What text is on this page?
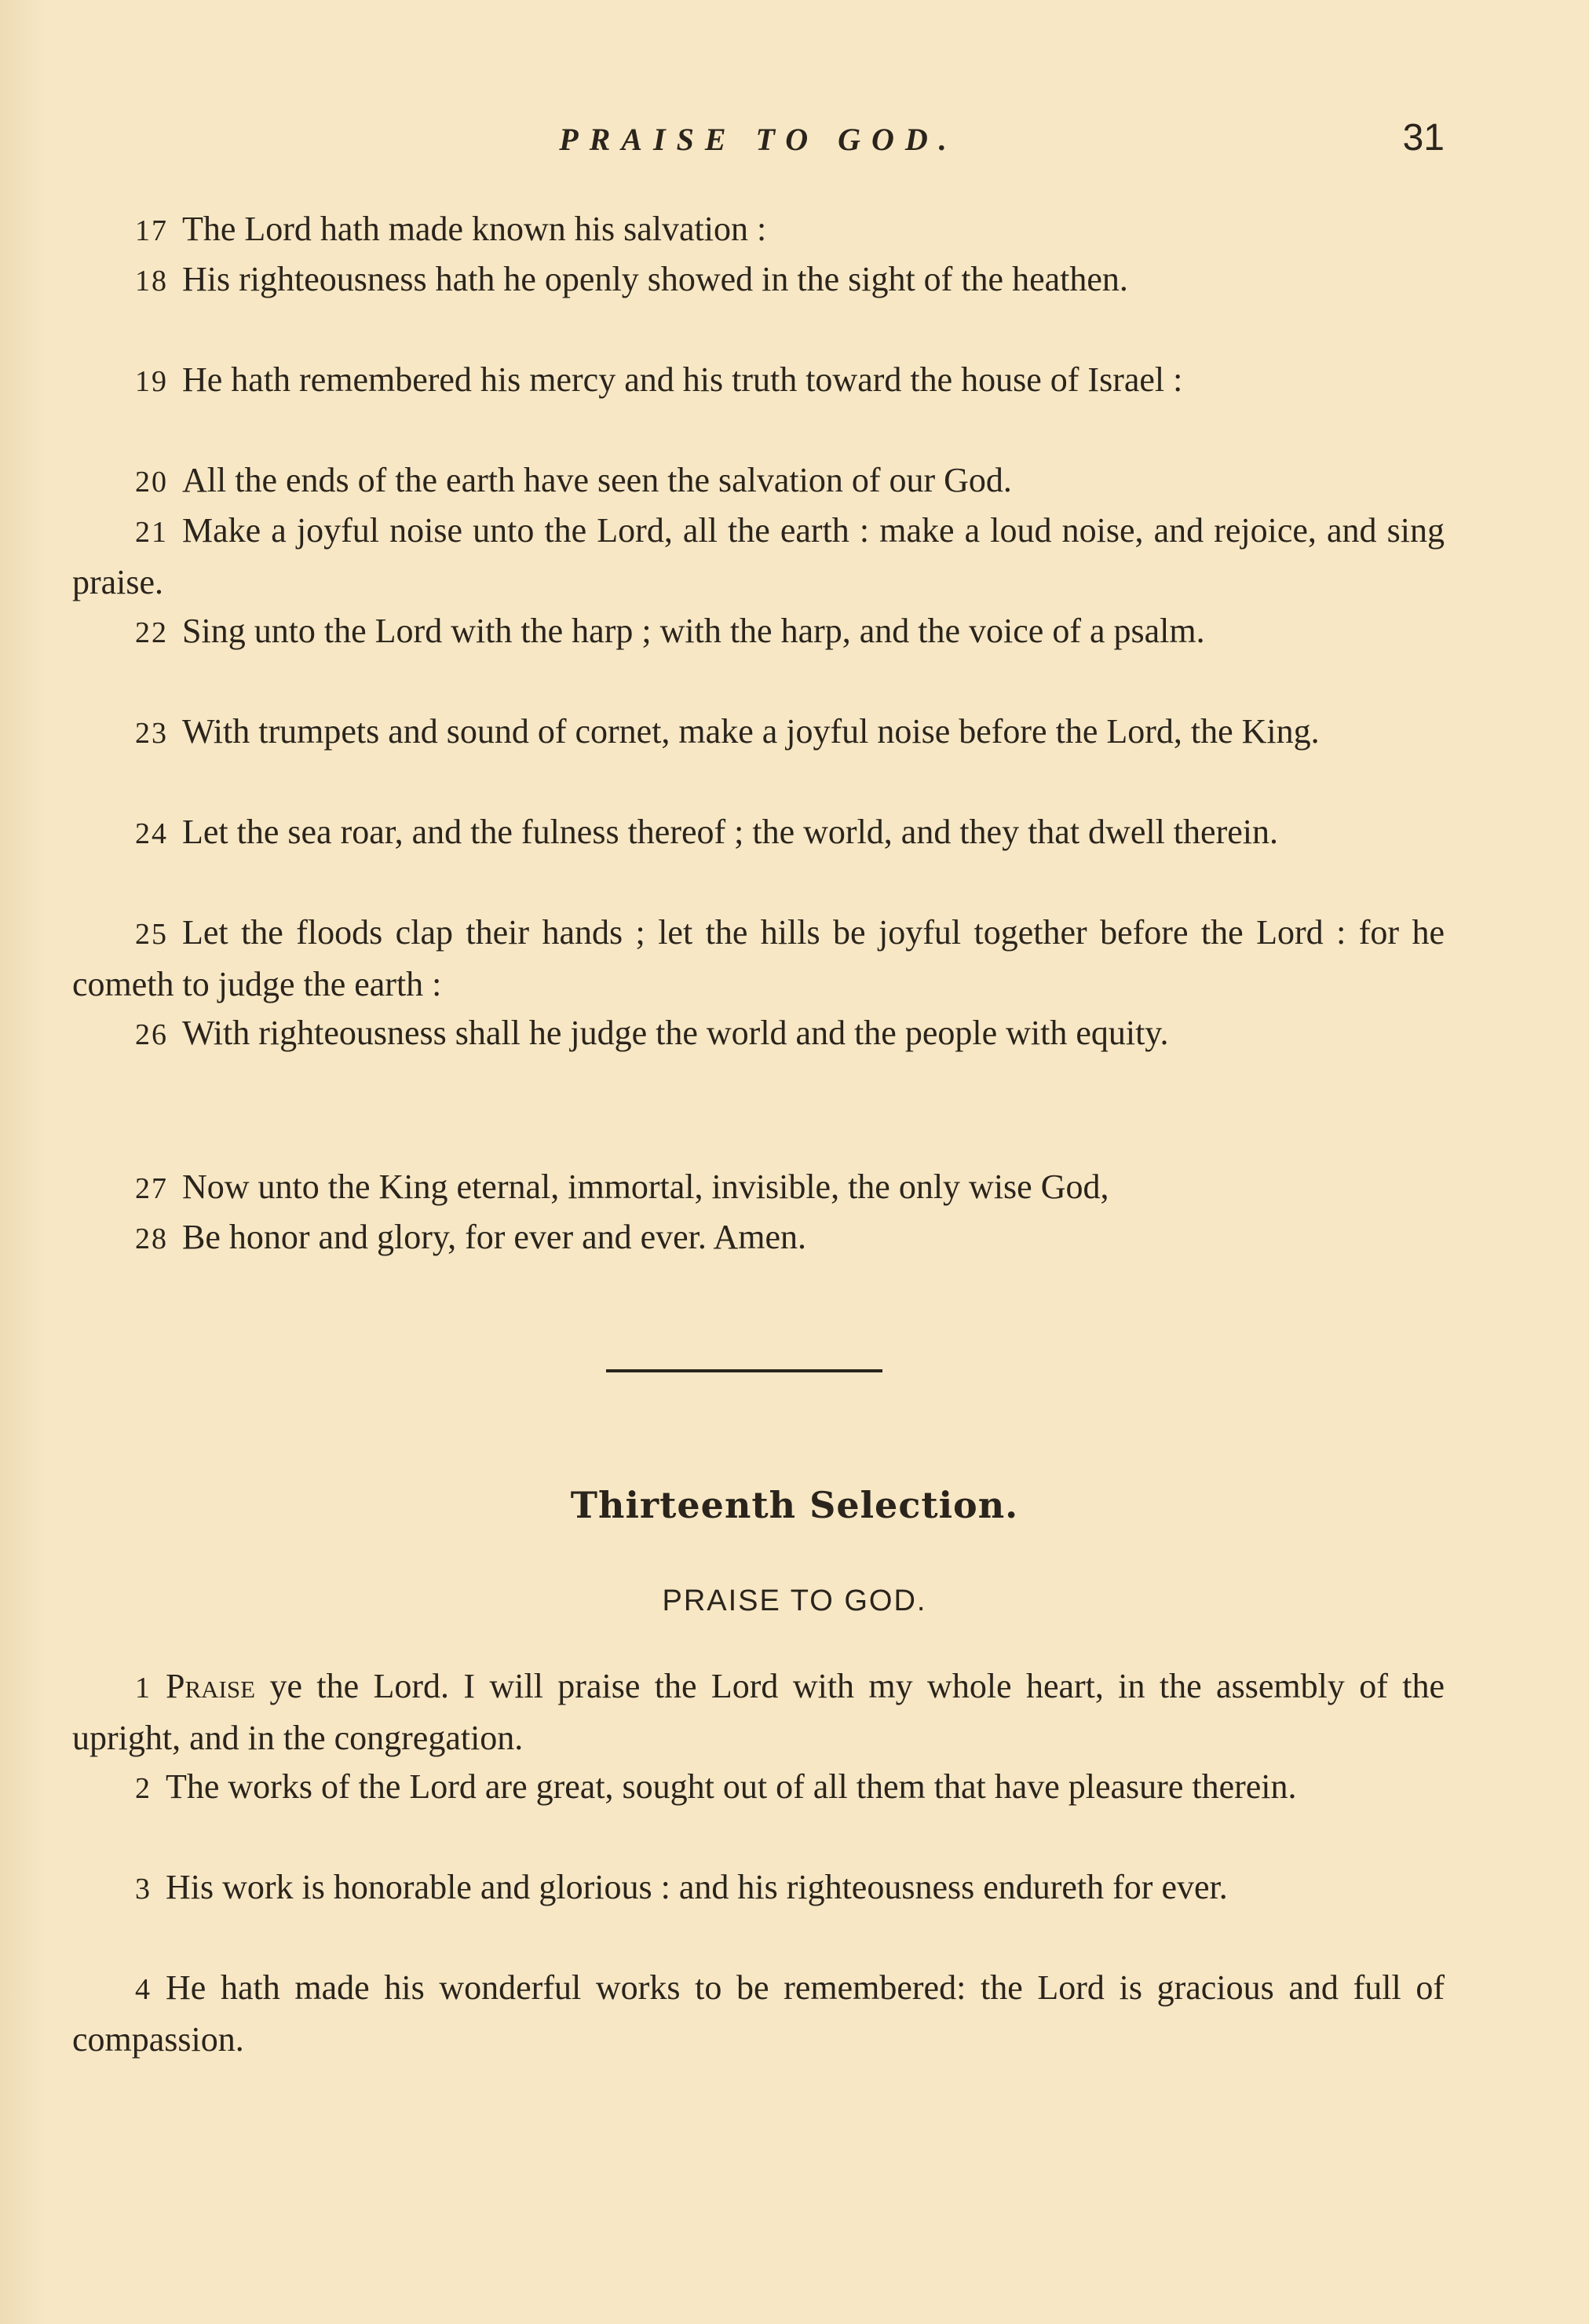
PRAISE TO GOD.	31

17 The Lord hath made known his salvation :

18 His righteousness hath he openly showed in the sight of the heathen.

19 He hath remembered his mercy and his truth toward the house of Israel :

20 All the ends of the earth have seen the salvation of our God.

21 Make a joyful noise unto the Lord, all the earth : make a loud noise, and rejoice, and sing praise.

22 Sing unto the Lord with the harp ; with the harp, and the voice of a psalm.

23 With trumpets and sound of cornet, make a joyful noise before the Lord, the King.

24 Let the sea roar, and the fulness thereof ; the world, and they that dwell therein.

25 Let the floods clap their hands ; let the hills be joyful together before the Lord : for he cometh to judge the earth :

26 With righteousness shall he judge the world and the people with equity.

27 Now unto the King eternal, immortal, invisible, the only wise God,

28 Be honor and glory, for ever and ever. Amen.

Thirteenth Selection.
PRAISE TO GOD.

1 Praise ye the Lord. I will praise the Lord with my whole heart, in the assembly of the upright, and in the congregation.

2 The works of the Lord are great, sought out of all them that have pleasure therein.

3 His work is honorable and glorious : and his righteousness endureth for ever.

4 He hath made his wonderful works to be remembered: the Lord is gracious and full of compassion.
